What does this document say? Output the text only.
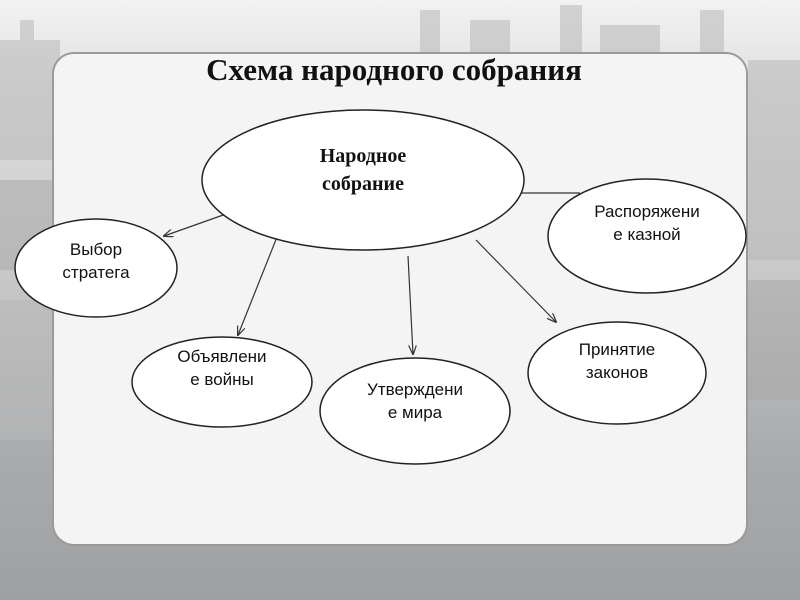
Схема народного собрания
Народное
собрание
Выбор
стратега
Объявлени
е войны
Утверждени
е мира
Принятие
законов
Распоряжени
е казной
